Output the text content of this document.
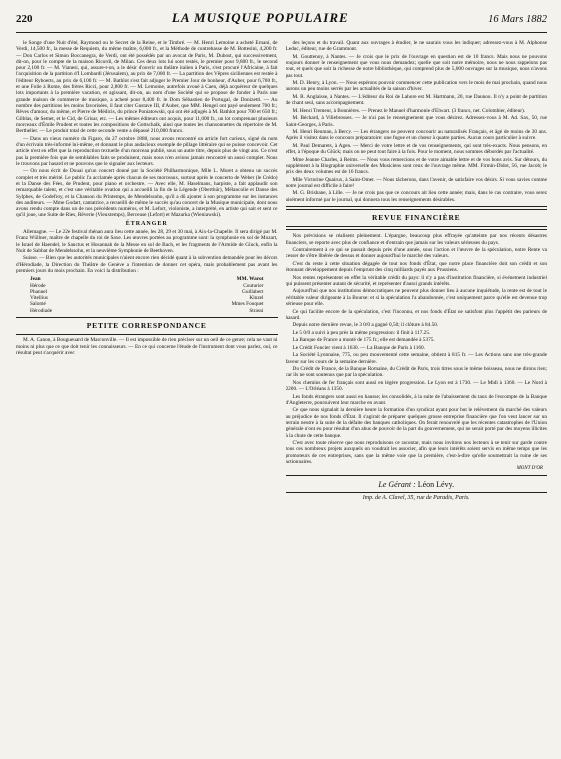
220	LA MUSIQUE POPULAIRE	16 Mars 1882

le Songe d'une Nuit d'été, Raymond ou le Secret de la Reine, et le Timbré. — M. Henri Lemoine a acheté Ernani, de Verdi, 14,500 fr., la messe de Requiem, du même maître, 6,000 fr., et la Méthode de contrebasse de M. Bottesini, 4,200 fr. — Don Carlos et Simon Boccanegra, de Verdi, ont été possédés par un avocat de Paris, M. Dubost, qui successivement, dit-on, pour le compte de la maison Ricordi, de Milan. Ces deux lots lui sont restés, le premier pour 9,800 fr., le second pour 2,100 fr. — M. Vianesi, qui, assure-t-on, a le désir d'ouvrir un théâtre italien à Paris, s'est procuré l'Africaine, à fait l'acquisition de la partition d'I Lombardi (Jérusalem), au prix de 7,000 fr. — La partition des Vêpres siciliennes est restée à l'éditeur Ryboerts, au prix de 6,100 fr. — M. Bathlot s'est fait adjuger le Premier Jour de bonheur, d'Auber, pour 6,700 fr., et une Folie à Rome, des frères Ricci, pour 2,800 fr. — M. Lemoine, autrefois avoué à Caen, déjà acquéreur de quelques lots importants à la première vacation, et agissant, dit-on, au nom d'une Société qui se propose de fonder à Paris une grande maison de commerce de musique, a acheté pour 8,400 fr. le Dom Sébastien de Portugal, de Donizetti. — Au nombre des partitions les moins favorisées, il faut citer Gustave III, d'Auber, que MM. Hengel ont payé seulement 700 fr.; Rêves d'amour, du même, et Pierre de Médicis, du prince Poniatowski, qui ont été adjugés à M. Bathlot pour 700 et 650 fr.; Gilblas, de Semet, et le Cid, de Grisar, etc. — Les mêmes éditeurs ont acquis, pour 11,000 fr., un lot comprenant plusieurs morceaux d'Émile Prudent et toutes les compositions de Gottschalk, ainsi que toutes les chansonnettes du répertoire de M. Berthelier. — Le produit total de cette seconde vente a dépassé 210,000 francs.

— Dans un vieux numéro du Figaro, du 27 octobre 1880, nous avons rencontré un article fort curieux, signé du nom d'un écrivain très-informé lui-même, et donnant le plus audacieux exemple de pillage littéraire qui se puisse concevoir. Cet article n'est en effet que la reproduction textuelle d'un morceau publié, sous un autre titre, depuis plus de vingt ans. Ce n'est pas la première fois que de semblables faits se produisent, mais nous n'en avions jamais rencontré un aussi complet. Nous le trouvons par hasard et ne pouvons que le signaler aux lecteurs.

— On nous écrit de Douai qu'un concert donné par la Société Philharmonique, Mlle L. Muret a obtenu un succès complet et très mérité. Le public l'a acclamée après chacun de ses morceaux, surtout après le concerto de Weber (le Crédo) et la Danse des Fées, de Prudent, pour piano et orchestre. — Avec elle, M. Haselmans, harpiste, a fait applaudir son remarquable talent, et c'est une véritable ovation qui a accueilli la fin de la Légende (Oberthür), Mélancolie et Danse des Sylphes, de Godefroy, et la Chanson du Printemps, de Mendelssohn, qu'il a dû ajouter à son programme sur les instances des auditeurs. — Mme Godart, cantatrice, a recueilli de même le succès qu'au concert de la Musique municipale, dont nous avons rendu compte dans un de nos précédents numéros, et M. Lefort, violoniste, a interprété, en artiste qui sait et sent ce qu'il joue, une Suite de Ries, Rêverie (Vieuxtemps), Berceuse (Lefort) et Mazurka (Wieniawski).

ÉTRANGER

Allemagne. — Le 22e festival rhénan aura lieu cette année, les 28, 29 et 30 mai, à Aix-la-Chapelle. Il sera dirigé par M. Franz Wüllner, maître de chapelle du roi de Saxe. Les œuvres portées au programme sont: la symphonie en sol de Mozart, le Israel de Haendel, le Sanctus et Hosannah de la Messe en sol de Bach, et les fragments de l'Armide de Gluck, enfin la Nuit de Sabbat de Mendelssohn, et la neuvième Symphonie de Beethoven.

Suisse. — Bien que les autorités municipales n'aient encore rien décidé quant à la subvention demandée pour les décors d'Hérodiade, la Direction du Théâtre de Genève a l'intention de donner cet opéra, mais probablement pas avant les premiers jours du mois prochain. En voici la distribution :

Jean	MM. Warot
Hérode	Couturier
Phanuel	Guillabert
Vitellius	Kinzel
Salomé	Mmes Fouquet
Hérodiade	Strassi
PETITE CORRESPONDANCE

M. A. Canon, à Bougueuard de Marconville. — Il est impossible de rien préciser sur un oeil de ce genre; cela ne vaut ni moins ni plus que ce que doit tenir les connaisseurs. — En ce qui concerne l'étude de l'instrument dont vous parlez, oui, ce résultat peut s'acquérir avec

des leçons et du travail. Quant aux ouvrages à étudier, le ne saurais vous les indiquer; adressez-vous à M. Alphonse Leduc, éditeur, rue de Grammont.

M. Gouttenoy, à Nantes. — Je crois que le prix de l'ouvrage en question est de 10 francs. Mais nous ne pouvons toujours donner le renseignement que vous nous demandez; quelle que soit notre mémoire, nous ne nous rappelons pas tout, et quels que soit la richesse de notre bibliothèque, qui comprend plus de 5,000 ouvrages sur la musique, nous n'avons pas tout.

M. D. Henry, à Lyon. — Nous espérons pouvoir commencer cette publication vers le mois de mai prochain, quand nous aurons un peu moins serrés par les actualités de la saison d'hiver.

M. R. Anglaisse, à Nantes. — L'éditeur du Roi de Lahore est M. Hartmann, 20, rue Daunou. Il n'y a point de partition de chant seul, sans accompagnement.

M. Henri Tremeur, à Bonnières. — Prenez le Manuel d'harmonie d'Elwart. (3 francs, net. Colombier, éditeur).

M. Béchard, à Villebrosses. — Je n'ai pas le renseignement que vous désirez. Adressez-vous à M. Ad. Sax, 50, rue Saint-Georges, à Paris.

M. Henri Reuman, à Bercy. — Les étrangers ne peuvent concourir au naturalisés Français, et âgé de moins de 30 ans. Après il visitez dans le concours préparatoire: une fugue et un chœur à quatre parties. Aucun cours particulier à suivre.

M. Paul Demarets, à Agen. — Merci de votre lettre et de vos renseignements, qui sont très-exacts. Nous pensons, en effet, à l'époque du Glück; mais on ne peut tout faire à la fois. Pour le moment, nous sommes débordés par l'actualité.

Mme Jeanne Charles, à Reims. — Nous vous remercions et de votre aimable lettre et de vos bons avis. Sur détours, du supplément à la Biographie universelle des Musiciens sont ceux de l'ouvrage même. MM. Firmin-Didot, 56, rue Jacob; le prix des deux volumes est de 16 francs.

Mlle Victorine Quairux, à Saint-Omer. — Nous tâcherons, dans l'avenir, de satisfaire vos désirs. Si vous savies comme notre journal est difficile à faire!

M. G. Brisbane, à Lille. — Je ne crois pas que ce concours ait lieu cette année; mais, dans le cas contraire, vous serez aisément informé par le journal, qui donnera tous les renseignements désirables.

REVUE FINANCIÈRE

Nos prévisions se réalisent pleinement. L'épargne, beaucoup plus effrayée qu'atteinte par nos récents désastres financiers, se reporte avec plus de confiance et d'entrain que jamais sur les valeurs sérieuses du pays.

Contrairement à ce qui se passait depuis près d'une année, sous l'action et l'œuvre de la spéculation, notre Rente va cesser de s'être libérée de dessus et donner aujourd'hui le marché des valeurs.

C'est du reste à cette situation dégagée de tout nos fonds d'État, que notre place financière doit son crédit et son étonnant développement depuis l'emprunt des cinq milliards payés aux Prussiens.

Nos rentes représentent en effet la véritable crédit du pays: il n'y a pas d'institution financière, si événement industriel qui puissent présenter autant de sécurité, et représenter d'aussi grands intérêts.

Aujourd'hui que nos institutions démocratiques ne peuvent plus donner lieu à aucune inquiétude, la rente est de tout le véritable valeur dirigeante à la Bourse: et si la spéculation l'a abandonnée, c'est uniquement parce qu'elle est devenue trop sérieuse pour elle.

Ce qui facilite encore de la spéculation, c'est l'inconnu, et nos fonds d'État ne satisfont plus l'appétit des parieurs de hasard.

Depuis notre dernière revue, le 3 0/0 a gagné 0,50; il clôture à 84.50.

Le 5 0/0 a suivi à peu près la même progression: il finit à 117.25.

La Banque de France a monté de 175 fr.; elle est demandée à 5375.

Le Crédit Foncier vient à 1630. — La Banque de Paris à 1160.

La Société Lyonnaise, 775, ou peu mouvementé cette semaine, obtient à 815 fr. — Les Actions sans une très-grande faveur sur les cours de la semaine dernière.

Du Crédit de France, de la Banque Romaine, du Crédit de Paris, trois titres sous le même boisseau, nous ne dirons rien; car ils ne sont soutenus que par la spéculation.

Nos chemins de fer français sont aussi en légère progression. Le Lyon est à 1730. — Le Midi à 1360. — Le Nord à 2200. — L'Orléans à 1350.

Les fonds étrangers sont aussi en hausse; les consolidés, à la suite de l'abaissement du taux de l'escompte de la Banque d'Angleterre, poursuivent leur marche en avant.

Ce que nous signalait la dernière heure la formation d'un syndicat ayant pour but le relèvement du marché des valeurs au préjudice de nos fonds d'État. Il s'agirait de préparer quelques grosse entreprise financière que l'on veut lancer sur un terrain neutre à la suite de la défaite des banques catholiques. On ferait renouvelé que les récentes catastrophes de l'Union générale n'ont eu pour résultat d'un abus de pouvoir de la part du gouvernement, qui ne serait porté par des moyens illicites à la chute de cette banque.

C'est avec toute réserve que nous reproduisons ce racontar, mais nous invitons nos lecteurs à se tenir sur garde contre tous ces nombreux projets auxquels on voudrait les associer, afin que leurs intérêts soient servis en même temps que les promoteurs de ces entreprises, sans que la même voie que la première, c'est-à-dire qu'elle soumettrait la ruine de ses actionnaires.

MONT D'OR
Le Gérant : Léon Lévy.
Imp. de A. Clavel, 35, rue de Paradis, Paris.
